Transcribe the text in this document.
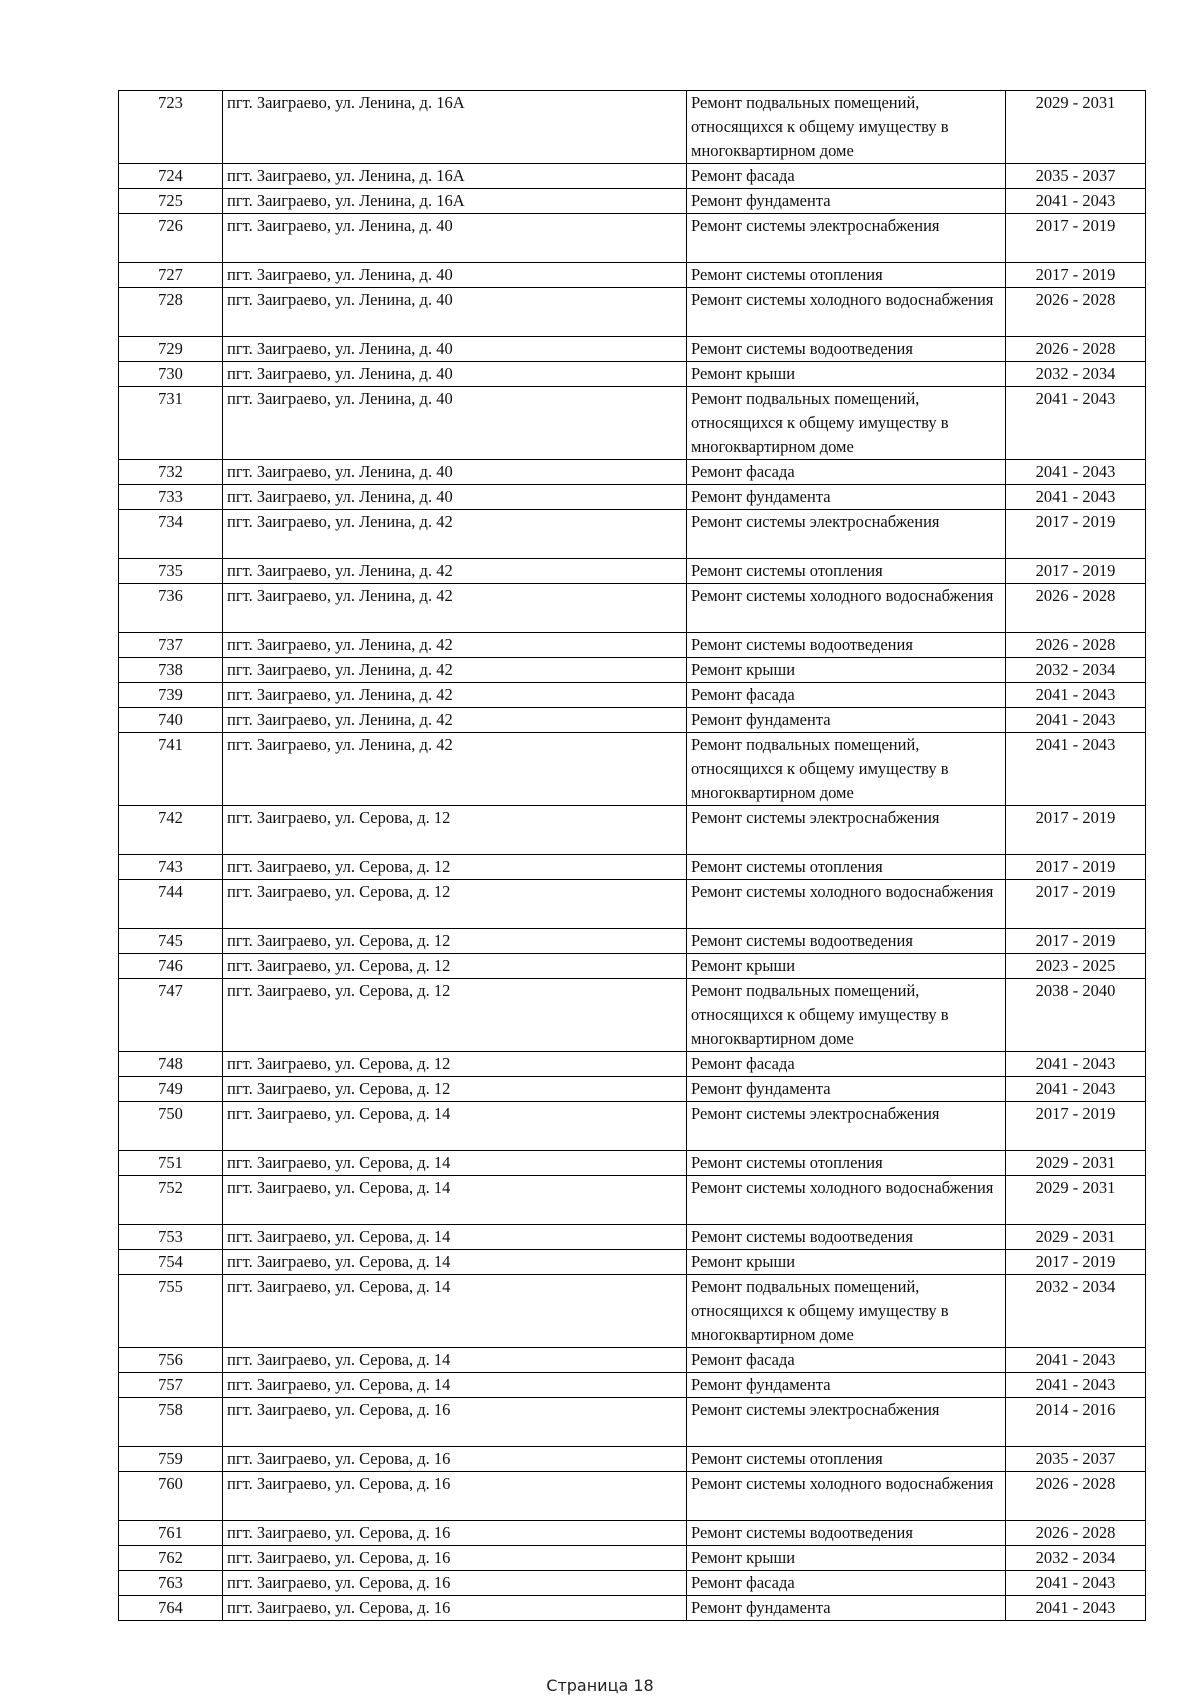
723	пгт. Заиграево, ул. Ленина, д. 16А	Ремонт подвальных помещений, относящихся к общему имуществу в многоквартирном доме	2029 - 2031
724	пгт. Заиграево, ул. Ленина, д. 16А	Ремонт фасада	2035 - 2037
725	пгт. Заиграево, ул. Ленина, д. 16А	Ремонт фундамента	2041 - 2043
726	пгт. Заиграево, ул. Ленина, д. 40	Ремонт системы электроснабжения	2017 - 2019
727	пгт. Заиграево, ул. Ленина, д. 40	Ремонт системы отопления	2017 - 2019
728	пгт. Заиграево, ул. Ленина, д. 40	Ремонт системы холодного водоснабжения	2026 - 2028
729	пгт. Заиграево, ул. Ленина, д. 40	Ремонт системы водоотведения	2026 - 2028
730	пгт. Заиграево, ул. Ленина, д. 40	Ремонт крыши	2032 - 2034
731	пгт. Заиграево, ул. Ленина, д. 40	Ремонт подвальных помещений, относящихся к общему имуществу в многоквартирном доме	2041 - 2043
732	пгт. Заиграево, ул. Ленина, д. 40	Ремонт фасада	2041 - 2043
733	пгт. Заиграево, ул. Ленина, д. 40	Ремонт фундамента	2041 - 2043
734	пгт. Заиграево, ул. Ленина, д. 42	Ремонт системы электроснабжения	2017 - 2019
735	пгт. Заиграево, ул. Ленина, д. 42	Ремонт системы отопления	2017 - 2019
736	пгт. Заиграево, ул. Ленина, д. 42	Ремонт системы холодного водоснабжения	2026 - 2028
737	пгт. Заиграево, ул. Ленина, д. 42	Ремонт системы водоотведения	2026 - 2028
738	пгт. Заиграево, ул. Ленина, д. 42	Ремонт крыши	2032 - 2034
739	пгт. Заиграево, ул. Ленина, д. 42	Ремонт фасада	2041 - 2043
740	пгт. Заиграево, ул. Ленина, д. 42	Ремонт фундамента	2041 - 2043
741	пгт. Заиграево, ул. Ленина, д. 42	Ремонт подвальных помещений, относящихся к общему имуществу в многоквартирном доме	2041 - 2043
742	пгт. Заиграево, ул. Серова, д. 12	Ремонт системы электроснабжения	2017 - 2019
743	пгт. Заиграево, ул. Серова, д. 12	Ремонт системы отопления	2017 - 2019
744	пгт. Заиграево, ул. Серова, д. 12	Ремонт системы холодного водоснабжения	2017 - 2019
745	пгт. Заиграево, ул. Серова, д. 12	Ремонт системы водоотведения	2017 - 2019
746	пгт. Заиграево, ул. Серова, д. 12	Ремонт крыши	2023 - 2025
747	пгт. Заиграево, ул. Серова, д. 12	Ремонт подвальных помещений, относящихся к общему имуществу в многоквартирном доме	2038 - 2040
748	пгт. Заиграево, ул. Серова, д. 12	Ремонт фасада	2041 - 2043
749	пгт. Заиграево, ул. Серова, д. 12	Ремонт фундамента	2041 - 2043
750	пгт. Заиграево, ул. Серова, д. 14	Ремонт системы электроснабжения	2017 - 2019
751	пгт. Заиграево, ул. Серова, д. 14	Ремонт системы отопления	2029 - 2031
752	пгт. Заиграево, ул. Серова, д. 14	Ремонт системы холодного водоснабжения	2029 - 2031
753	пгт. Заиграево, ул. Серова, д. 14	Ремонт системы водоотведения	2029 - 2031
754	пгт. Заиграево, ул. Серова, д. 14	Ремонт крыши	2017 - 2019
755	пгт. Заиграево, ул. Серова, д. 14	Ремонт подвальных помещений, относящихся к общему имуществу в многоквартирном доме	2032 - 2034
756	пгт. Заиграево, ул. Серова, д. 14	Ремонт фасада	2041 - 2043
757	пгт. Заиграево, ул. Серова, д. 14	Ремонт фундамента	2041 - 2043
758	пгт. Заиграево, ул. Серова, д. 16	Ремонт системы электроснабжения	2014 - 2016
759	пгт. Заиграево, ул. Серова, д. 16	Ремонт системы отопления	2035 - 2037
760	пгт. Заиграево, ул. Серова, д. 16	Ремонт системы холодного водоснабжения	2026 - 2028
761	пгт. Заиграево, ул. Серова, д. 16	Ремонт системы водоотведения	2026 - 2028
762	пгт. Заиграево, ул. Серова, д. 16	Ремонт крыши	2032 - 2034
763	пгт. Заиграево, ул. Серова, д. 16	Ремонт фасада	2041 - 2043
764	пгт. Заиграево, ул. Серова, д. 16	Ремонт фундамента	2041 - 2043
Страница 18
